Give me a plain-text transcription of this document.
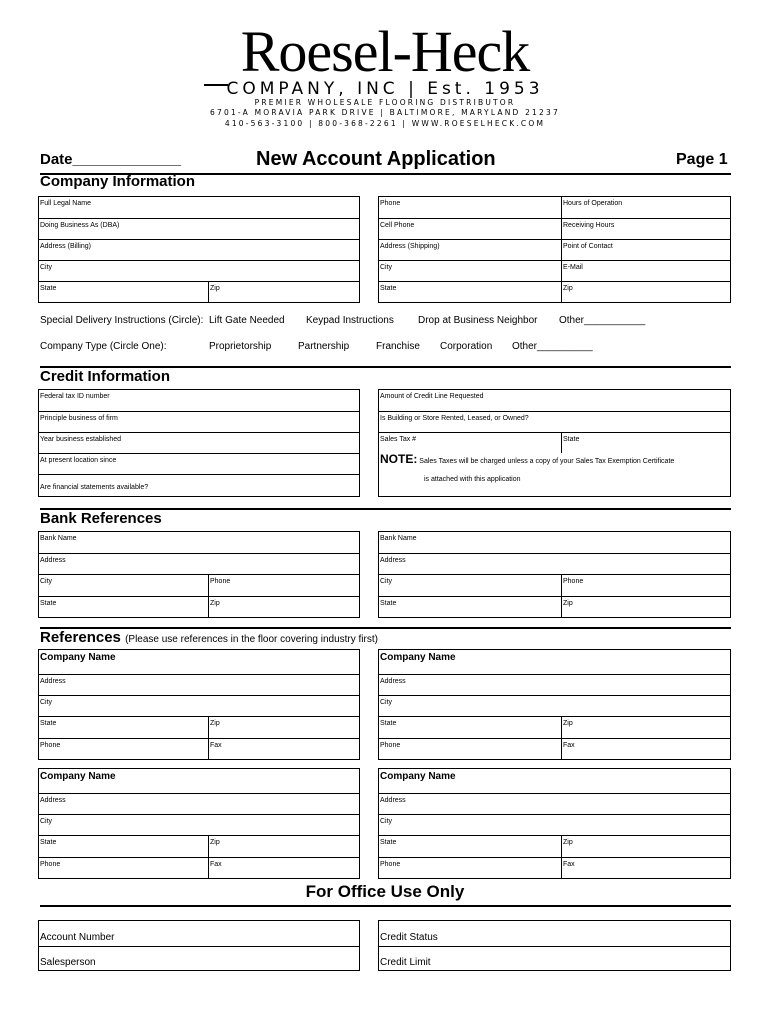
Roesel-Heck
COMPANY, INC | Est. 1953
PREMIER WHOLESALE FLOORING DISTRIBUTOR
6701-A MORAVIA PARK DRIVE | BALTIMORE, MARYLAND 21237
410-563-3100 | 800-368-2261 | WWW.ROESELHECK.COM
Date_____________	New Account Application	Page 1
Company Information
Full Legal Name
Doing Business As (DBA)
Address (Billing)
City
State	Zip
Phone	Hours of Operation
Cell Phone	Receiving Hours
Address (Shipping)	Point of Contact
City	E-Mail
State	Zip
Special Delivery Instructions (Circle): Lift Gate Needed Keypad Instructions Drop at Business Neighbor Other___________
Company Type (Circle One):	Proprietorship	Partnership	Franchise Corporation Other__________
Credit Information
Federal tax ID number
Principle business of firm
Year business established
At present location since
Are financial statements available?
Amount of Credit Line Requested
Is Building or Store Rented, Leased, or Owned?
Sales Tax #	State
NOTE: Sales Taxes will be charged unless a copy of your Sales Tax Exemption Certificate
is attached with this application
Bank References
Bank Name
Address
City	Phone
State	Zip
Bank Name
Address
City	Phone
State	Zip
References (Please use references in the floor covering industry first)
Company Name
Address
City
State	Zip
Phone	Fax
Company Name
Address
City
State	Zip
Phone	Fax
Company Name
Address
City
State	Zip
Phone	Fax
Company Name
Address
City
State	Zip
Phone	Fax
For Office Use Only
Account Number
Salesperson
Credit Status
Credit Limit
